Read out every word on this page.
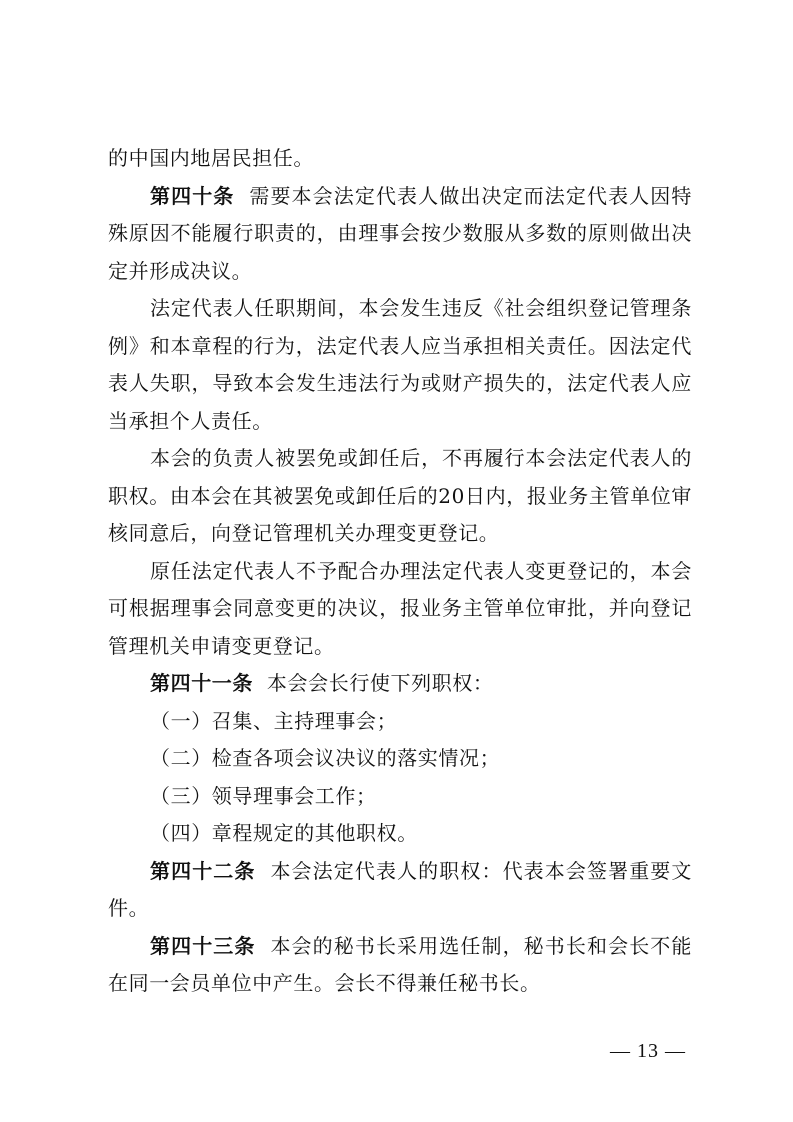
的中国内地居民担任。

第四十条 需要本会法定代表人做出决定而法定代表人因特殊原因不能履行职责的，由理事会按少数服从多数的原则做出决定并形成决议。

法定代表人任职期间，本会发生违反《社会组织登记管理条例》和本章程的行为，法定代表人应当承担相关责任。因法定代表人失职，导致本会发生违法行为或财产损失的，法定代表人应当承担个人责任。

本会的负责人被罢免或卸任后，不再履行本会法定代表人的职权。由本会在其被罢免或卸任后的20日内，报业务主管单位审核同意后，向登记管理机关办理变更登记。

原任法定代表人不予配合办理法定代表人变更登记的，本会可根据理事会同意变更的决议，报业务主管单位审批，并向登记管理机关申请变更登记。

第四十一条 本会会长行使下列职权：

（一）召集、主持理事会；

（二）检查各项会议决议的落实情况；

（三）领导理事会工作；

（四）章程规定的其他职权。

第四十二条 本会法定代表人的职权：代表本会签署重要文件。

第四十三条 本会的秘书长采用选任制，秘书长和会长不能在同一会员单位中产生。会长不得兼任秘书长。

— 13 —
